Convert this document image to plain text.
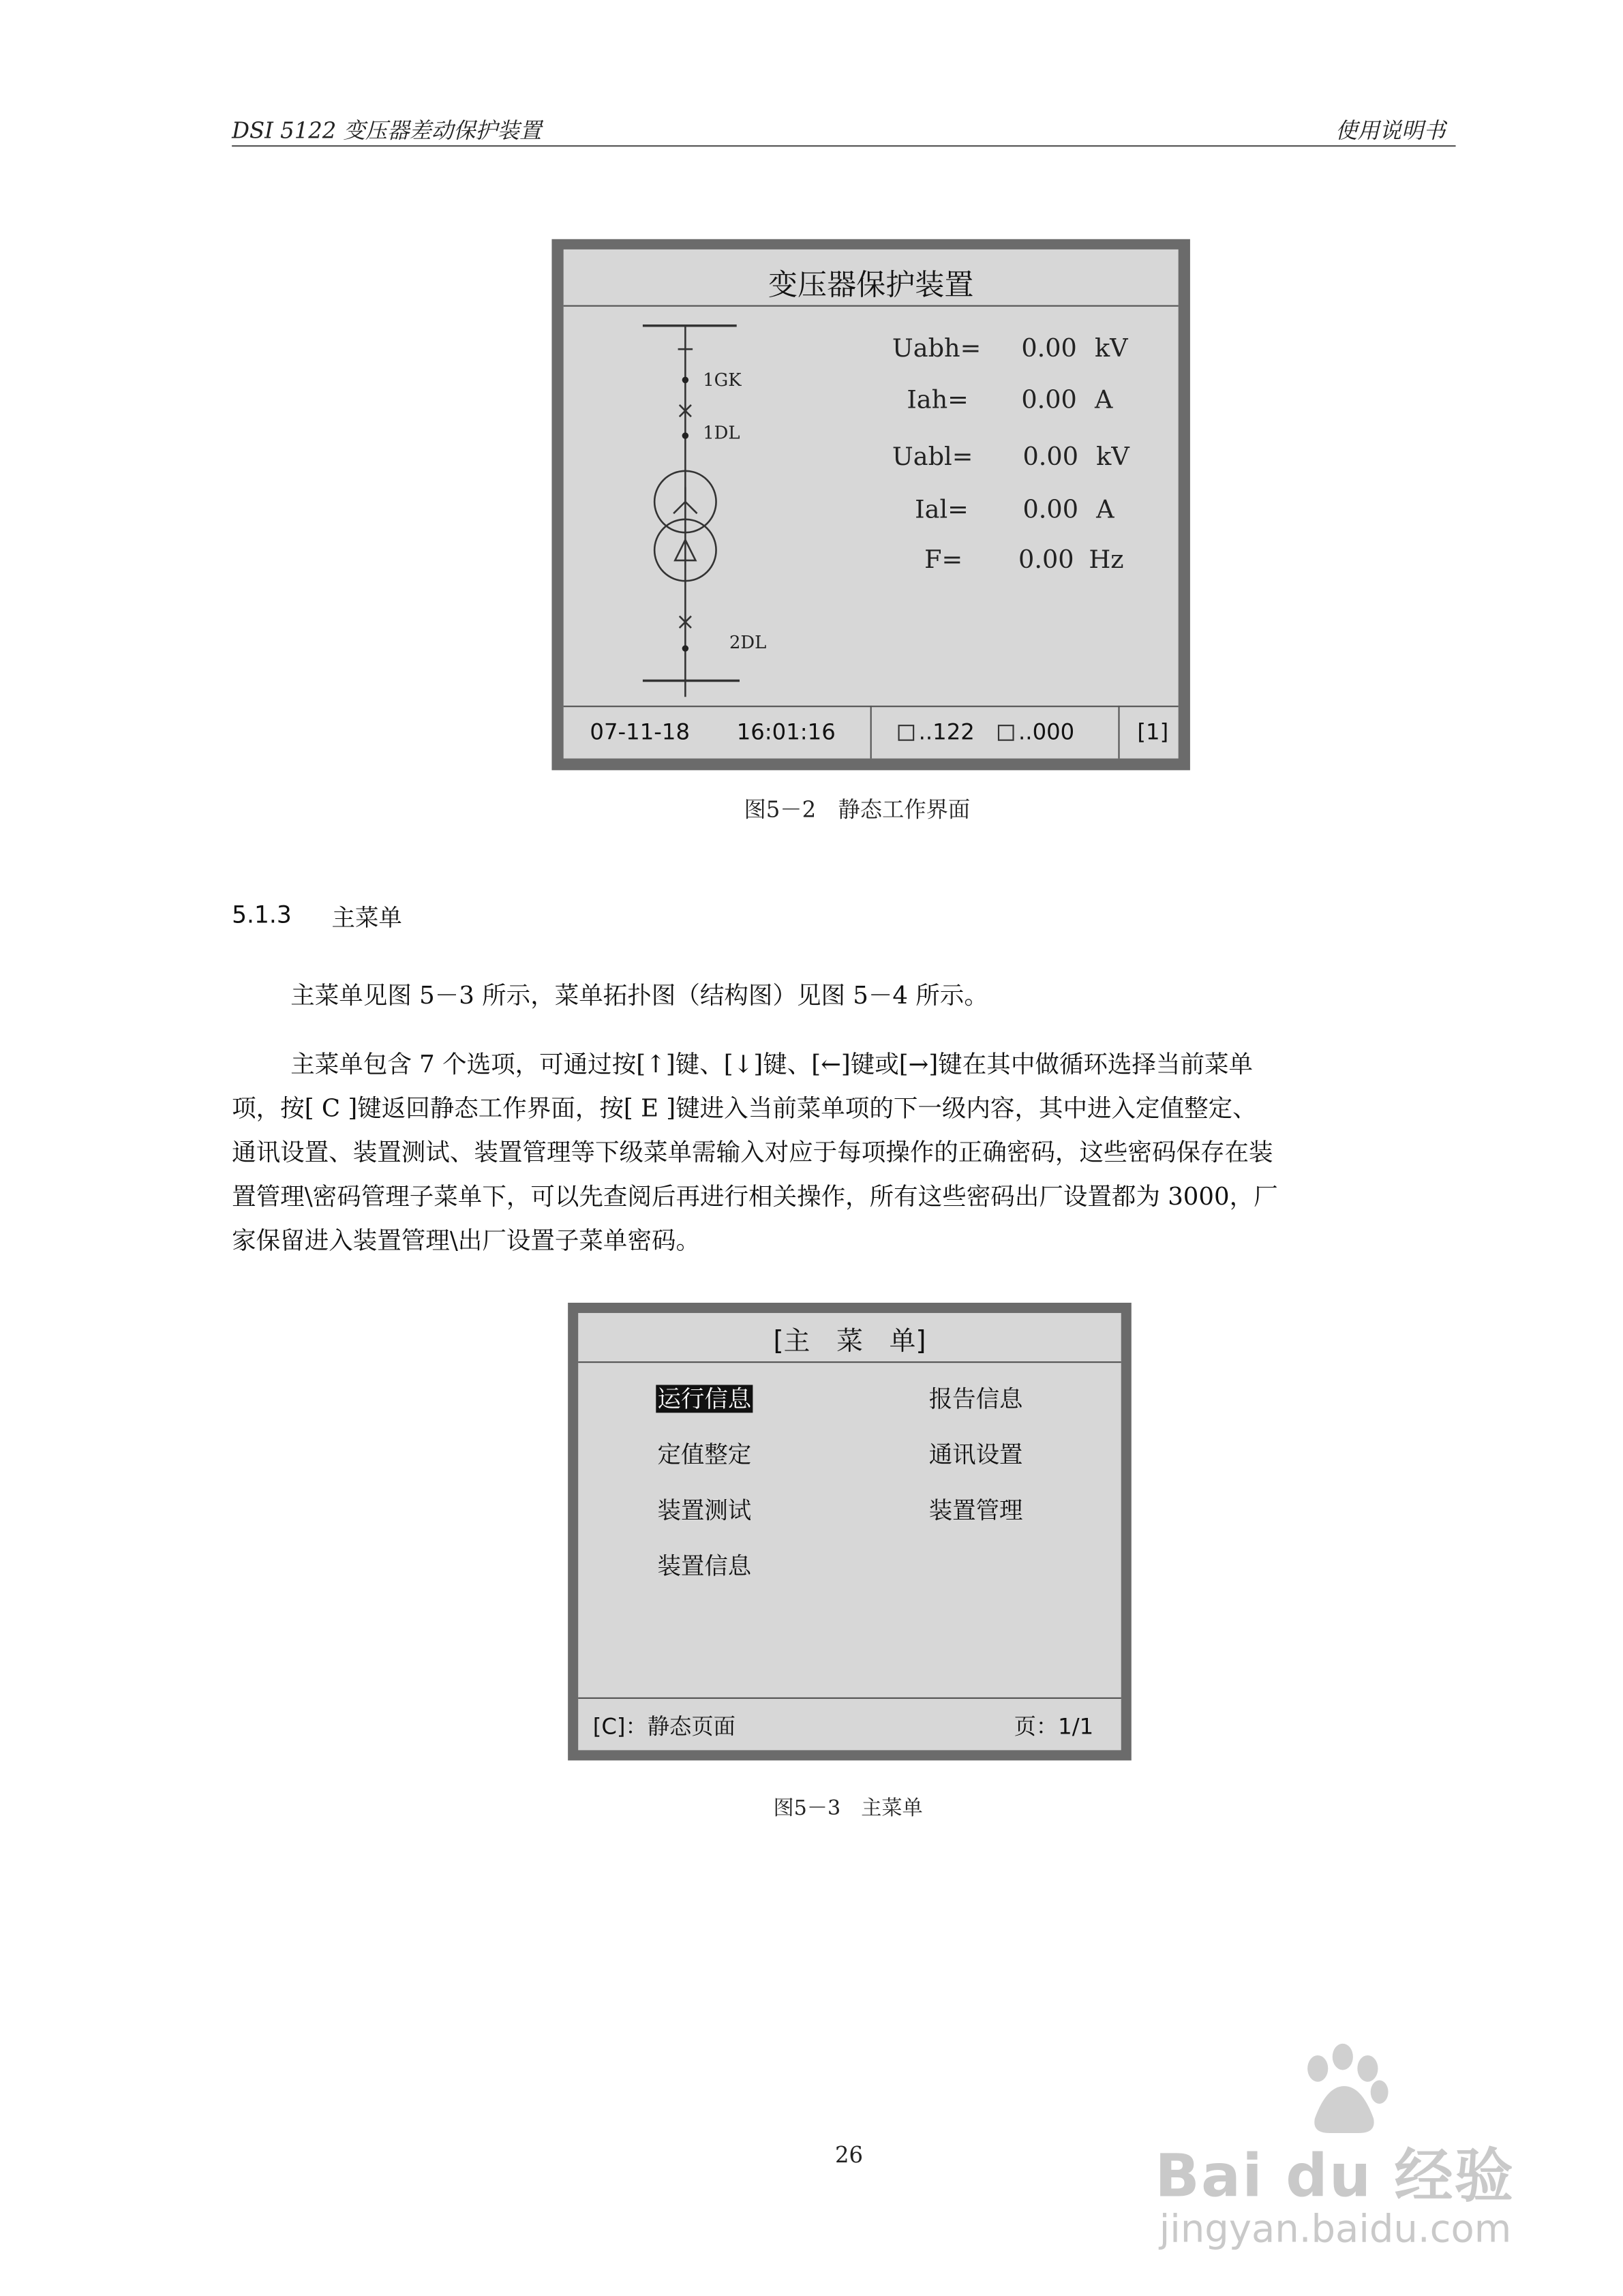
DSI 5122 变压器差动保护装置	使用说明书
变压器保护装置
1GK
1DL
2DL
Uabh=	0.00 kV
Iah=	0.00 A
Uabl=	0.00 kV
Ial=	0.00 A
F=	0.00 Hz
07-11-18	16:01:16	..122	..000	[1]
图5－2　静态工作界面
5.1.3	主菜单
主菜单见图 5－3 所示，菜单拓扑图（结构图）见图 5－4 所示。
主菜单包含 7 个选项，可通过按[↑]键、[↓]键、[←]键或[→]键在其中做循环选择当前菜单
项，按[ C ]键返回静态工作界面，按[ E ]键进入当前菜单项的下一级内容，其中进入定值整定、
通讯设置、装置测试、装置管理等下级菜单需输入对应于每项操作的正确密码，这些密码保存在装
置管理\密码管理子菜单下，可以先查阅后再进行相关操作，所有这些密码出厂设置都为 3000，厂
家保留进入装置管理\出厂设置子菜单密码。
[主　菜　单]
运行信息	报告信息
定值整定	通讯设置
装置测试	装置管理
装置信息
[C]：静态页面	页：1/1
图5－3　主菜单
26	Bai du 经验
jingyan.baidu.com
